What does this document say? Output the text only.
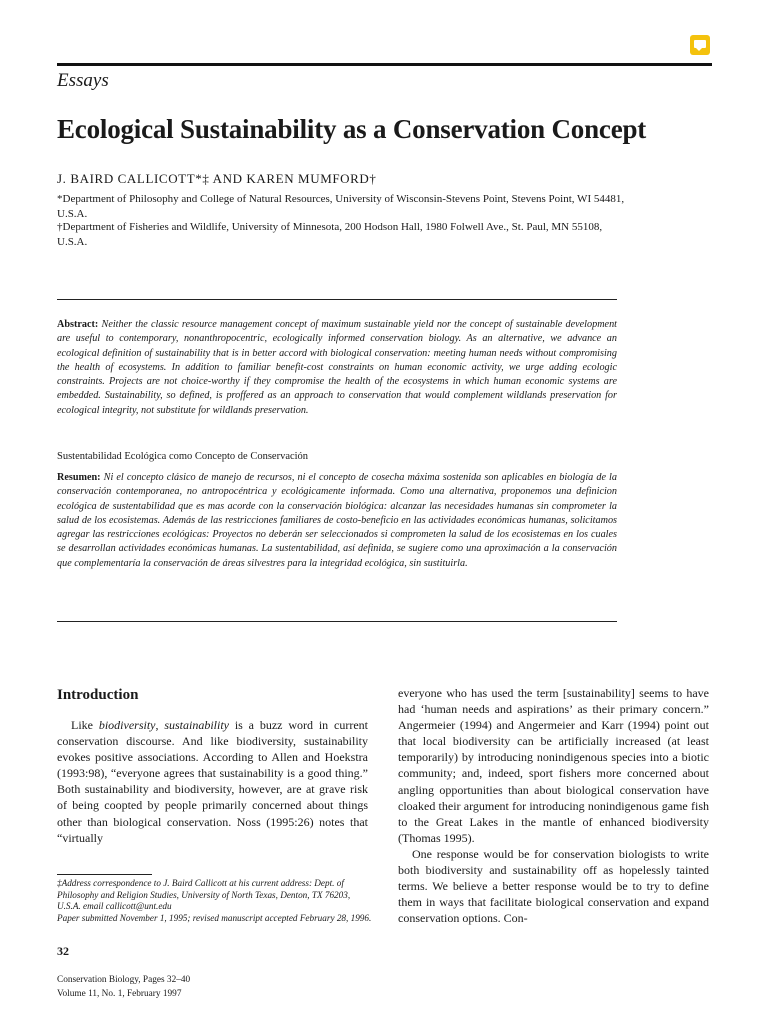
Essays
Ecological Sustainability as a Conservation Concept
J. BAIRD CALLICOTT*‡ AND KAREN MUMFORD†
*Department of Philosophy and College of Natural Resources, University of Wisconsin-Stevens Point, Stevens Point, WI 54481, U.S.A.
†Department of Fisheries and Wildlife, University of Minnesota, 200 Hodson Hall, 1980 Folwell Ave., St. Paul, MN 55108, U.S.A.
Abstract: Neither the classic resource management concept of maximum sustainable yield nor the concept of sustainable development are useful to contemporary, nonanthropocentric, ecologically informed conservation biology. As an alternative, we advance an ecological definition of sustainability that is in better accord with biological conservation: meeting human needs without compromising the health of ecosystems. In addition to familiar benefit-cost constraints on human economic activity, we urge adding ecologic constraints. Projects are not choice-worthy if they compromise the health of the ecosystems in which human economic systems are embedded. Sustainability, so defined, is proffered as an approach to conservation that would complement wildlands preservation for ecological integrity, not substitute for wildlands preservation.
Sustentabilidad Ecológica como Concepto de Conservación
Resumen: Ni el concepto clásico de manejo de recursos, ni el concepto de cosecha máxima sostenida son aplicables en biología de la conservación contemporanea, no antropocéntrica y ecológicamente informada. Como una alternativa, proponemos una definicion ecológica de sustentabilidad que es mas acorde con la conservación biológica: alcanzar las necesidades humanas sin comprometer la salud de los ecosistemas. Además de las restricciones familiares de costo-beneficio en las actividades económicas humanas, solicitamos agregar las restricciones ecológicas: Proyectos no deberán ser seleccionados si comprometen la salud de los ecosistemas en los cuales se desarrollan actividades económicas humanas. La sustentabilidad, así definida, se sugiere como una aproximación a la conservación que complementaría la conservación de áreas silvestres para la integridad ecológica, sin sustituirla.
Introduction
Like biodiversity, sustainability is a buzz word in current conservation discourse. And like biodiversity, sustainability evokes positive associations. According to Allen and Hoekstra (1993:98), “everyone agrees that sustainability is a good thing.” Both sustainability and biodiversity, however, are at grave risk of being coopted by people primarily concerned about things other than biological conservation. Noss (1995:26) notes that “virtually
everyone who has used the term [sustainability] seems to have had ‘human needs and aspirations’ as their primary concern.” Angermeier (1994) and Angermeier and Karr (1994) point out that local biodiversity can be artificially increased (at least temporarily) by introducing nonindigenous species into a biotic community; and, indeed, sport fishers more concerned about angling opportunities than about biological conservation have cloaked their argument for introducing nonindigenous game fish to the Great Lakes in the mantle of enhanced biodiversity (Thomas 1995).
One response would be for conservation biologists to write both biodiversity and sustainability off as hopelessly tainted terms. We believe a better response would be to try to define them in ways that facilitate biological conservation and expand conservation options. Con-
‡Address correspondence to J. Baird Callicott at his current address: Dept. of Philosophy and Religion Studies, University of North Texas, Denton, TX 76203, U.S.A. email callicott@unt.edu
Paper submitted November 1, 1995; revised manuscript accepted February 28, 1996.
32
Conservation Biology, Pages 32–40
Volume 11, No. 1, February 1997
